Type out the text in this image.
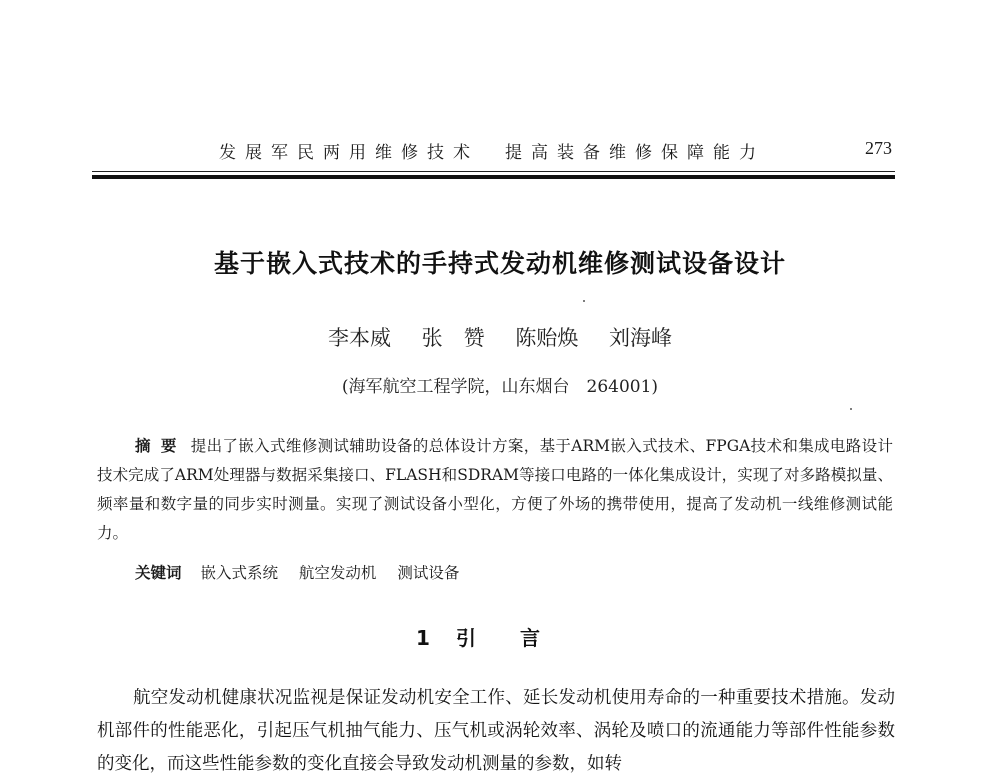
发展军民两用维修技术　提高装备维修保障能力	273
基于嵌入式技术的手持式发动机维修测试设备设计
李本威 张　赞 陈贻焕 刘海峰
(海军航空工程学院，山东烟台　264001)
摘要 提出了嵌入式维修测试辅助设备的总体设计方案，基于ARM嵌入式技术、FPGA技术和集成电路设计技术完成了ARM处理器与数据采集接口、FLASH和SDRAM等接口电路的一体化集成设计，实现了对多路模拟量、频率量和数字量的同步实时测量。实现了测试设备小型化，方便了外场的携带使用，提高了发动机一线维修测试能力。
关键词 嵌入式系统 航空发动机 测试设备
1 引言
航空发动机健康状况监视是保证发动机安全工作、延长发动机使用寿命的一种重要技术措施。发动机部件的性能恶化，引起压气机抽气能力、压气机或涡轮效率、涡轮及喷口的流通能力等部件性能参数的变化，而这些性能参数的变化直接会导致发动机测量的参数，如转
